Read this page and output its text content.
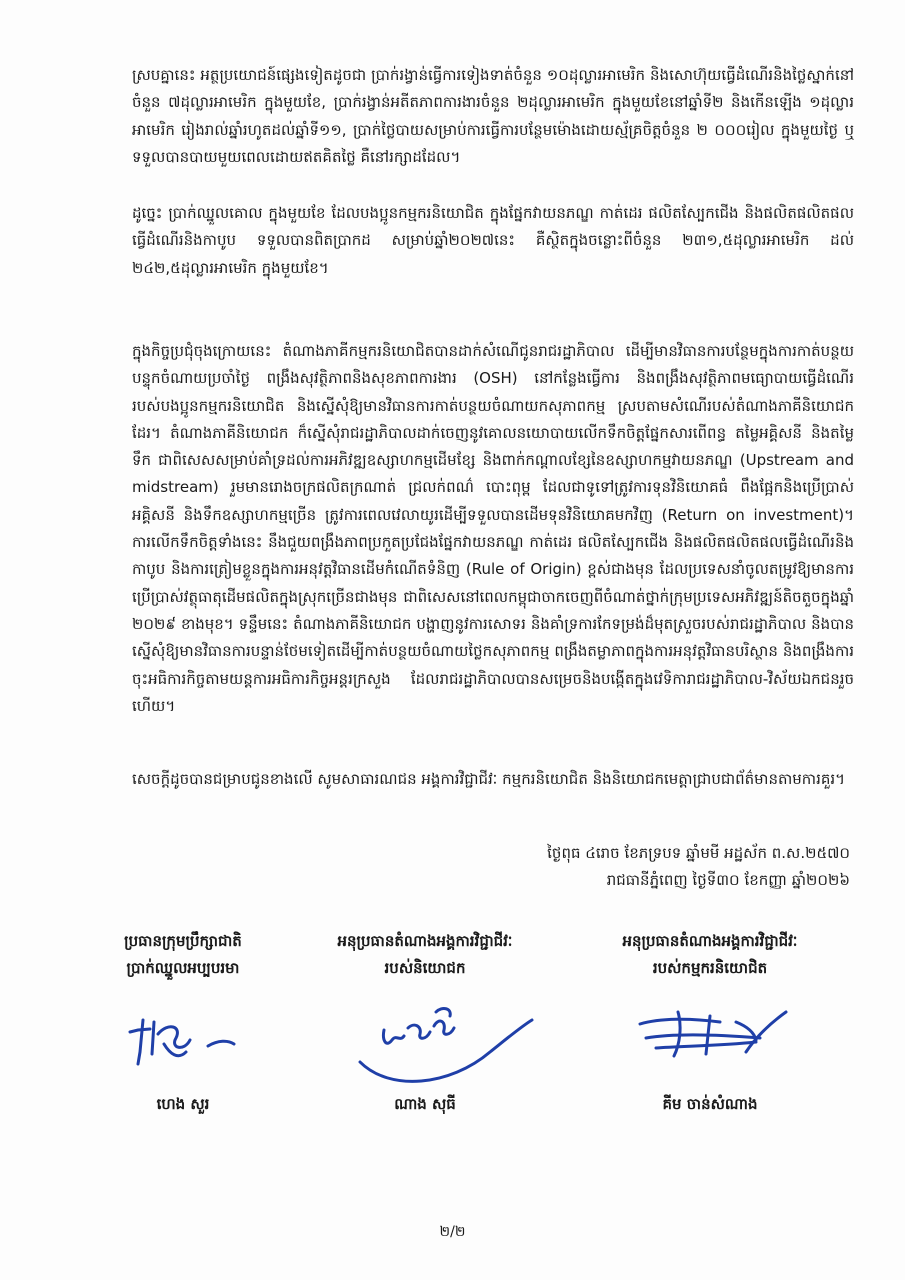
ស្របគ្នានេះ អត្ថប្រយោជន៍ផ្សេងទៀតដូចជា ប្រាក់រង្វាន់ធ្វើការទៀងទាត់ចំនួន ១០ដុល្លារអាមេរិក និងសោហ៊ុយធ្វើដំណើរនិងថ្លៃស្នាក់នៅចំនួន ៧ដុល្លារអាមេរិក ក្នុងមួយខែ, ប្រាក់រង្វាន់អតីតភាពការងារចំនួន ២ដុល្លារអាមេរិក ក្នុងមួយខែនៅឆ្នាំទី២ និងកើនឡើង ១ដុល្លារអាមេរិក រៀងរាល់ឆ្នាំរហូតដល់ឆ្នាំទី១១, ប្រាក់ថ្លៃបាយសម្រាប់ការធ្វើការបន្ថែមម៉ោងដោយស្ម័គ្រចិត្តចំនួន ២ ០០០រៀល ក្នុងមួយថ្ងៃ ឬទទួលបានបាយមួយពេលដោយឥតគិតថ្លៃ គឺនៅរក្សាដដែល។

ដូច្នេះ ប្រាក់ឈ្នួលគោល ក្នុងមួយខែ ដែលបងប្អូនកម្មករនិយោជិត ក្នុងផ្នែកវាយនភណ្ឌ កាត់ដេរ ផលិតស្បែកជើង និងផលិតផលិតផលធ្វើដំណើរនិងកាបូប ទទួលបានពិតប្រាកដ សម្រាប់ឆ្នាំ២០២៧នេះ គឺស្ថិតក្នុងចន្លោះពីចំនួន ២៣១,៥ដុល្លារអាមេរិក ដល់ ២៤២,៥ដុល្លារអាមេរិក ក្នុងមួយខែ។

ក្នុងកិច្ចប្រជុំចុងក្រោយនេះ តំណាងភាគីកម្មករនិយោជិតបានដាក់សំណើជូនរាជរដ្ឋាភិបាល ដើម្បីមានវិធានការបន្ថែមក្នុងការកាត់បន្ថយបន្ទុកចំណាយប្រចាំថ្ងៃ ពង្រឹងសុវត្ថិភាពនិងសុខភាពការងារ (OSH) នៅកន្លែងធ្វើការ និងពង្រឹងសុវត្ថិភាពមធ្យោបាយធ្វើដំណើររបស់បងប្អូនកម្មករនិយោជិត និងស្នើសុំឱ្យមានវិធានការកាត់បន្ថយចំណាយកសុភាពកម្ម ស្របតាមសំណើរបស់តំណាងភាគីនិយោជកដែរ។ តំណាងភាគីនិយោជក ក៏ស្នើសុំរាជរដ្ឋាភិបាលដាក់ចេញនូវគោលនយោបាយលើកទឹកចិត្តផ្នែកសារពើពន្ធ តម្លៃអគ្គិសនី និងតម្លៃទឹក ជាពិសេសសម្រាប់គាំទ្រដល់ការអភិវឌ្ឍឧស្សាហកម្មដើមខ្សែ និងពាក់កណ្តាលខ្សែនៃឧស្សាហកម្មវាយនភណ្ឌ (Upstream and midstream) រួមមានរោងចក្រផលិតក្រណាត់ ជ្រលក់ពណ៌ បោះពុម្ព ដែលជាទូទៅត្រូវការទុនវិនិយោគធំ ពឹងផ្អែកនិងប្រើប្រាស់អគ្គិសនី និងទឹកឧស្សាហកម្មច្រើន ត្រូវការពេលវេលាយូរដើម្បីទទួលបានដើមទុនវិនិយោគមកវិញ (Return on investment)។ ការលើកទឹកចិត្តទាំងនេះ នឹងជួយពង្រឹងភាពប្រកួតប្រជែងផ្នែកវាយនភណ្ឌ កាត់ដេរ ផលិតស្បែកជើង និងផលិតផលិតផលធ្វើដំណើរនិងកាបូប និងការត្រៀមខ្លួនក្នុងការអនុវត្តវិធានដើមកំណើតទំនិញ (Rule of Origin) ខ្ពស់ជាងមុន ដែលប្រទេសនាំចូលតម្រូវឱ្យមានការប្រើប្រាស់វត្ថុធាតុដើមផលិតក្នុងស្រុកច្រើនជាងមុន ជាពិសេសនៅពេលកម្ពុជាចាកចេញពីចំណាត់ថ្នាក់ក្រុមប្រទេសអភិវឌ្ឍន៍តិចតួចក្នុងឆ្នាំ ២០២៩ ខាងមុខ។ ទន្ទឹមនេះ តំណាងភាគីនិយោជក បង្ហាញនូវការសោទរ និងគាំទ្រការកែទម្រង់ដ៏មុតស្រួចរបស់រាជរដ្ឋាភិបាល និងបានស្នើសុំឱ្យមានវិធានការបន្ទាន់ថែមទៀតដើម្បីកាត់បន្ថយចំណាយថ្លៃកសុភាពកម្ម ពង្រឹងតម្លាភាពក្នុងការអនុវត្តវិធានបរិស្ថាន និងពង្រឹងការចុះអធិការកិច្ចតាមយន្តការអធិការកិច្ចអន្តរក្រសួង ដែលរាជរដ្ឋាភិបាលបានសម្រេចនិងបង្កើតក្នុងវេទិការាជរដ្ឋាភិបាល-វិស័យឯកជនរួចហើយ។

សេចក្តីដូចបានជម្រាបជូនខាងលើ សូមសាធារណជន អង្គការវិជ្ជាជីវៈ កម្មករនិយោជិត និងនិយោជកមេត្តាជ្រាបជាព័ត៌មានតាមការគួរ។

ថ្ងៃពុធ ៤រោច ខែភទ្របទ ឆ្នាំមមី អដ្ឋស័ក ព.ស.២៥៧០
រាជធានីភ្នំពេញ ថ្ងៃទី៣០ ខែកញ្ញា ឆ្នាំ២០២៦

ប្រធានក្រុមប្រឹក្សាជាតិ

ប្រាក់ឈ្នួលអប្បបរមា

ហេង សួរ

អនុប្រធានតំណាងអង្គការវិជ្ជាជីវៈ

របស់និយោជក

ណាង សុធី

អនុប្រធានតំណាងអង្គការវិជ្ជាជីវៈ

របស់កម្មករនិយោជិត

គីម ចាន់សំណាង

២/២
